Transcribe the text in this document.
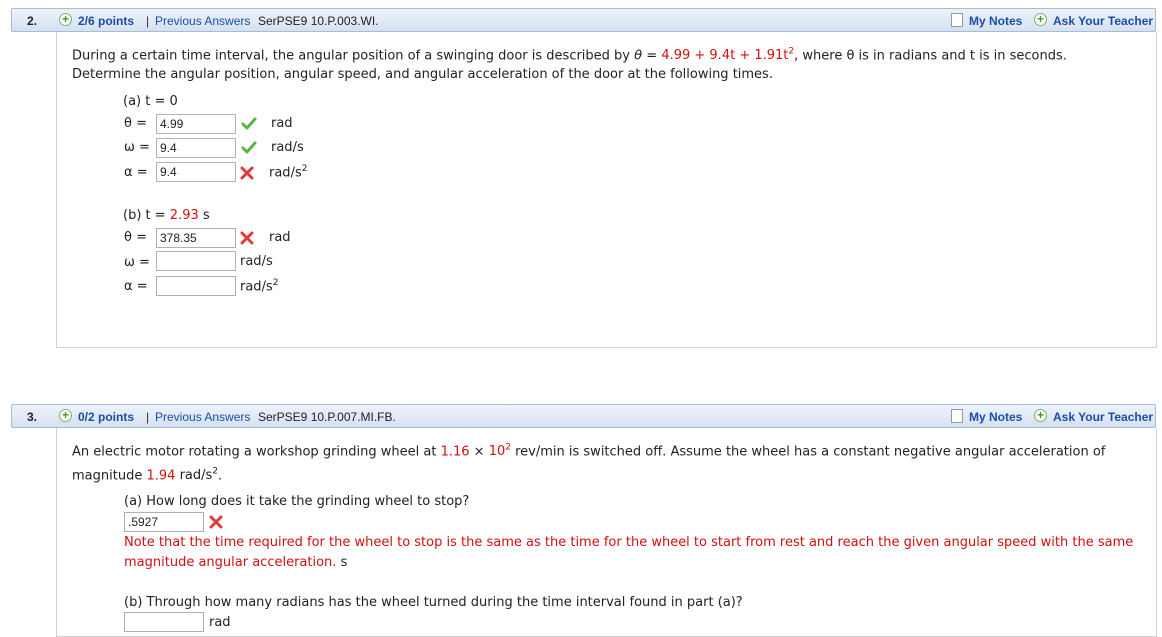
2. + 2/6 points | Previous Answers SerPSE9 10.P.003.WI.	My Notes + Ask Your Teacher
During a certain time interval, the angular position of a swinging door is described by $\theta = 4.99 + 9.4t + 1.91t^2$, where θ is in radians and t is in seconds.
Determine the angular position, angular speed, and angular acceleration of the door at the following times.
(a) t = 0
θ =	4.99	rad
ω = 9.4	rad/s
α =	9.4	rad/$s^2$
(b) t = 2.93 s
θ =	378.35	rad
ω =	rad/s
α =	rad/$s^2$
3. + 0/2 points | Previous Answers SerPSE9 10.P.007.MI.FB.	My Notes + Ask Your Teacher
An electric motor rotating a workshop grinding wheel at $1.16 \times 10^2$ rev/min is switched off. Assume the wheel has a constant negative angular acceleration of
magnitude 1.94 rad/$s^2$.
(a) How long does it take the grinding wheel to stop?
.5927
Note that the time required for the wheel to stop is the same as the time for the wheel to start from rest and reach the given angular speed with the same
magnitude angular acceleration. s
(b) Through how many radians has the wheel turned during the time interval found in part (a)?
rad
